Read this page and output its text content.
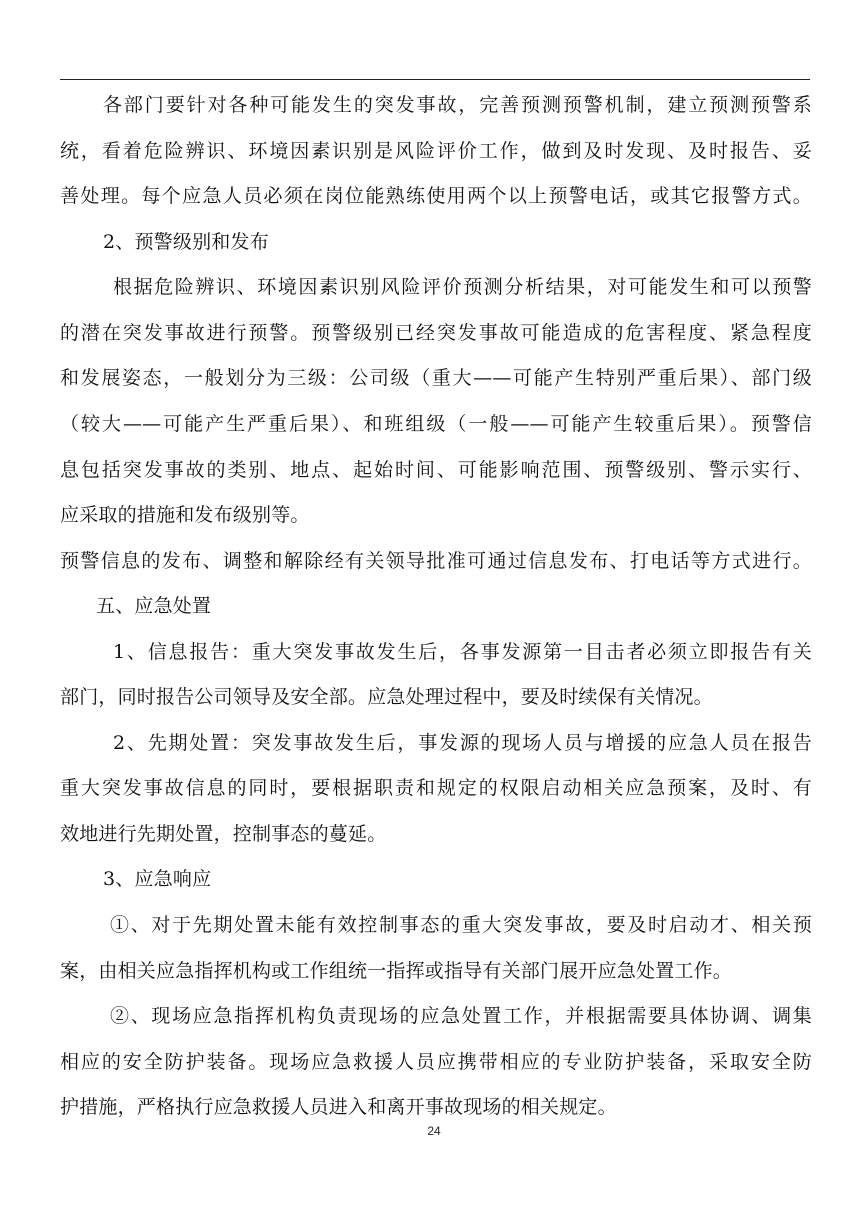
各部门要针对各种可能发生的突发事故，完善预测预警机制，建立预测预警系
统，看着危险辨识、环境因素识别是风险评价工作，做到及时发现、及时报告、妥
善处理。每个应急人员必须在岗位能熟练使用两个以上预警电话，或其它报警方式。
2、预警级别和发布
根据危险辨识、环境因素识别风险评价预测分析结果，对可能发生和可以预警
的潜在突发事故进行预警。预警级别已经突发事故可能造成的危害程度、紧急程度
和发展姿态，一般划分为三级：公司级（重大——可能产生特别严重后果）、部门级
（较大——可能产生严重后果）、和班组级（一般——可能产生较重后果）。预警信
息包括突发事故的类别、地点、起始时间、可能影响范围、预警级别、警示实行、
应采取的措施和发布级别等。
预警信息的发布、调整和解除经有关领导批准可通过信息发布、打电话等方式进行。
五、应急处置
1、信息报告：重大突发事故发生后，各事发源第一目击者必须立即报告有关
部门，同时报告公司领导及安全部。应急处理过程中，要及时续保有关情况。
2、先期处置：突发事故发生后，事发源的现场人员与增援的应急人员在报告
重大突发事故信息的同时，要根据职责和规定的权限启动相关应急预案，及时、有
效地进行先期处置，控制事态的蔓延。
3、应急响应
①、对于先期处置未能有效控制事态的重大突发事故，要及时启动才、相关预
案，由相关应急指挥机构或工作组统一指挥或指导有关部门展开应急处置工作。
②、现场应急指挥机构负责现场的应急处置工作，并根据需要具体协调、调集
相应的安全防护装备。现场应急救援人员应携带相应的专业防护装备，采取安全防
护措施，严格执行应急救援人员进入和离开事故现场的相关规定。
24
